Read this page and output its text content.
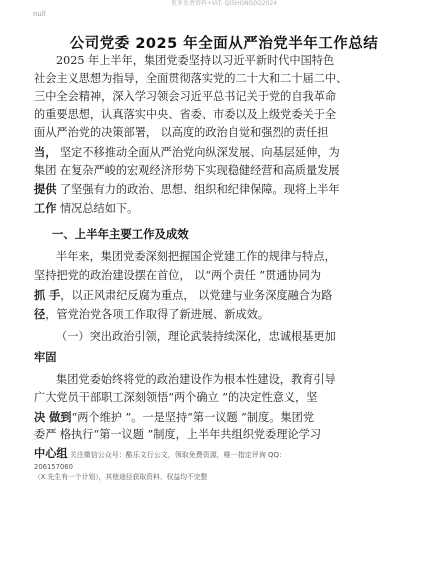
更多免费资料+VIT: QISHGNG0Q2024
null
公司党委 2025 年全面从严治党半年工作总结
2025 年上半年，集团党委坚持以习近平新时代中国特色
社会主义思想为指导，全面贯彻落实党的二十大和二十届二中、
三中全会精神，深入学习领会习近平总书记关于党的自我革命
的重要思想，认真落实中央、省委、市委以及上级党委关于全
面从严治党的决策部署， 以高度的政治自觉和强烈的责任担
当， 坚定不移推动全面从严治党向纵深发展、向基层延伸，为
集团 在复杂严峻的宏观经济形势下实现稳健经营和高质量发展
提供 了坚强有力的政治、思想、组织和纪律保障。现将上半年
工作 情况总结如下。
一、上半年主要工作及成效
半年来，集团党委深刻把握国企党建工作的规律与特点，
坚持把党的政治建设摆在首位， 以“两个责任 ”贯通协同为
抓 手，以正风肃纪反腐为重点， 以党建与业务深度融合为路
径，管党治党各项工作取得了新进展、新成效。
（一）突出政治引领，理论武装持续深化，忠诚根基更加
牢固
集团党委始终将党的政治建设作为根本性建设，教育引导
广大党员干部职工深刻领悟“两个确立 ”的决定性意义，坚
决 做到“两个维护 ”。一是坚持“第一议题 ”制度。集团党
委严 格执行“第一议题 ”制度，上半年共组织党委理论学习
中心组 关注微信公众号：酷乐文行公文，领取免费资源，唯一指定评询 QQ：
206157060
（X 先生有一个计划），其他途径获取资料、权益均不完整
